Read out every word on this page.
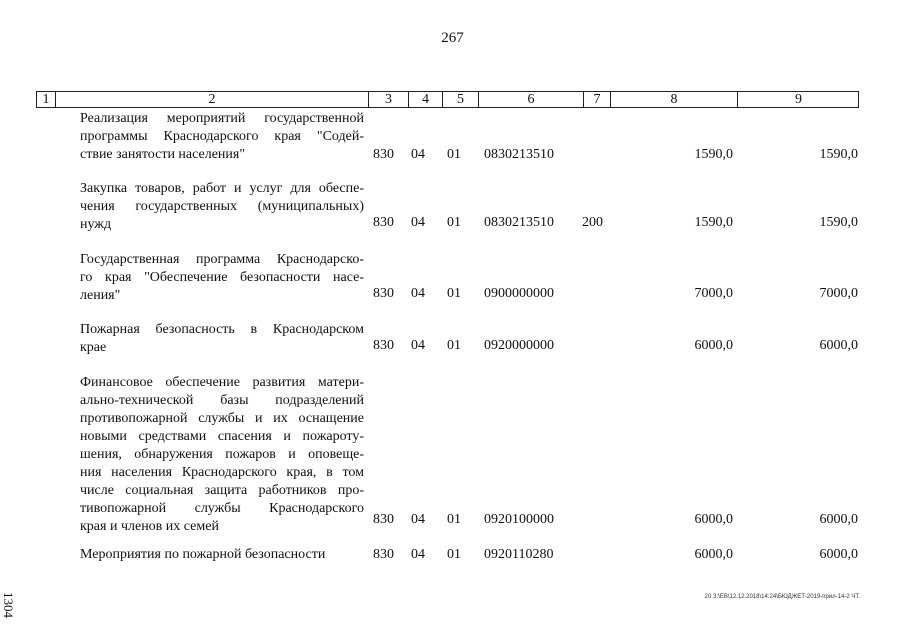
267
1	2	3	4	5	6	7	8	9
Реализация мероприятий государственной
программы Краснодарского края "Содей-
ствие занятости населения"	830 04 01 0830213510	1590,0	1590,0
Закупка товаров, работ и услуг для обеспе-
чения государственных (муниципальных)
нужд	830 04 01 0830213510 200	1590,0	1590,0
Государственная программа Краснодарско-
го края "Обеспечение безопасности насе-
ления"	830 04 01 0900000000	7000,0	7000,0
Пожарная безопасность в Краснодарском
крае	830 04 01 0920000000	6000,0	6000,0
Финансовое обеспечение развития матери-
ально-технической базы подразделений
противопожарной службы и их оснащение
новыми средствами спасения и пожароту-
шения, обнаружения пожаров и оповеще-
ния населения Краснодарского края, в том
числе социальная защита работников про-
тивопожарной службы Краснодарского
края и членов их семей	830 04 01 0920100000	6000,0	6000,0
Мероприятия по пожарной безопасности	830 04 01 0920110280	6000,0	6000,0
20 З:\ЕВ\12.12.2018\14:24\БЮДЖЕТ-2019-прил-14-2 ЧТ.
1304
